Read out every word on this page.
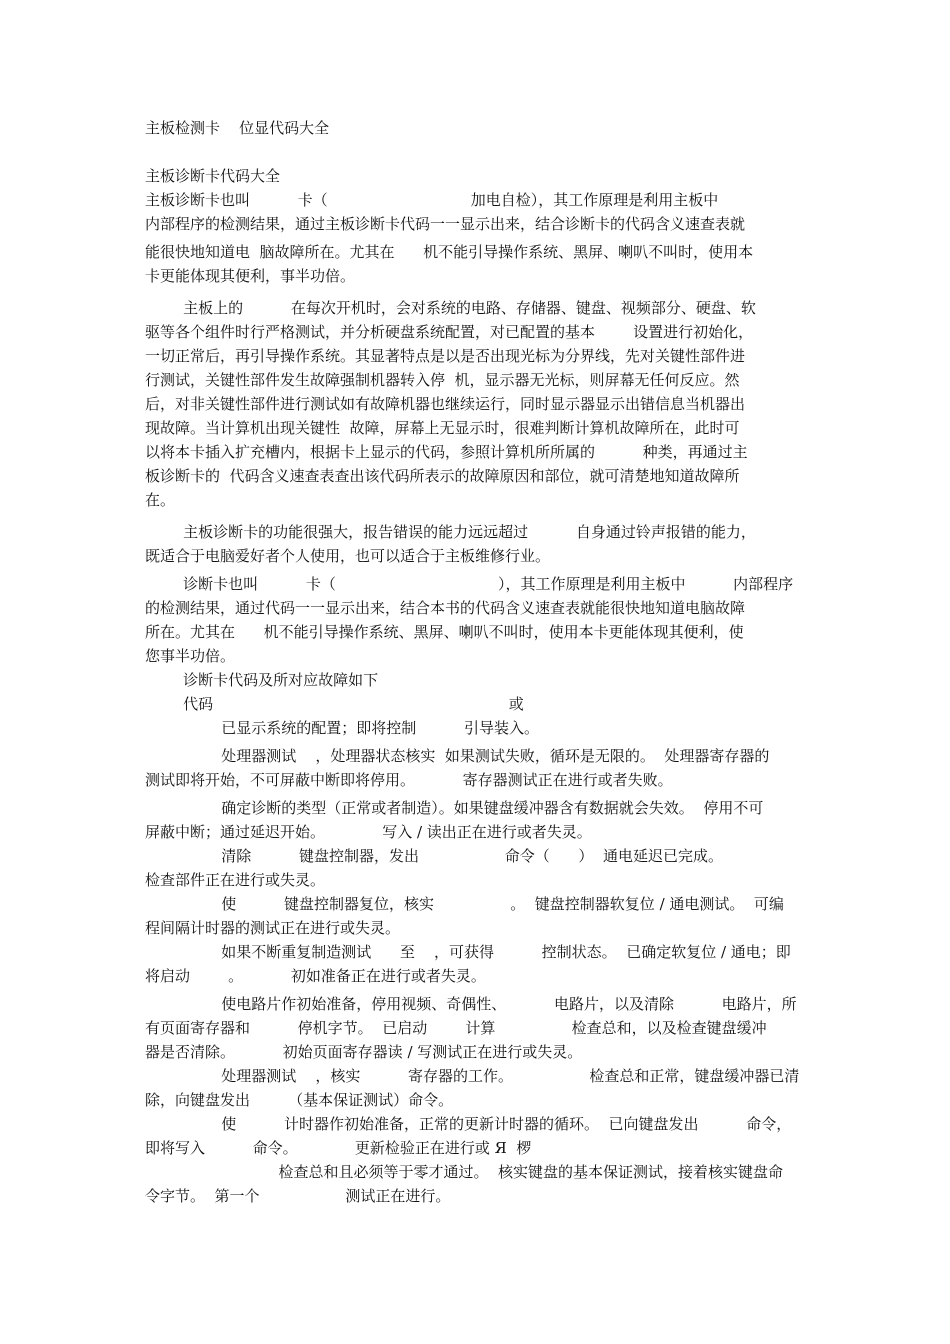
主板检测卡    位显代码大全
主板诊断卡代码大全
主板诊断卡也叫          卡（                              加电自检），其工作原理是利用主板中
内部程序的检测结果，通过主板诊断卡代码一一显示出来，结合诊断卡的代码含义速查表就
能很快地知道电  脑故障所在。尤其在      机不能引导操作系统、黑屏、喇叭不叫时，使用本
卡更能体现其便利，事半功倍。
主板上的          在每次开机时，会对系统的电路、存储器、键盘、视频部分、硬盘、软
驱等各个组件时行严格测试，并分析硬盘系统配置，对已配置的基本        设置进行初始化，
一切正常后，再引导操作系统。其显著特点是以是否出现光标为分界线，先对关键性部件进
行测试，关键性部件发生故障强制机器转入停  机，显示器无光标，则屏幕无任何反应。然
后，对非关键性部件进行测试如有故障机器也继续运行，同时显示器显示出错信息当机器出
现故障。当计算机出现关键性  故障，屏幕上无显示时，很难判断计算机故障所在，此时可
以将本卡插入扩充槽内，根据卡上显示的代码，参照计算机所所属的          种类，再通过主
板诊断卡的  代码含义速查表查出该代码所表示的故障原因和部位，就可清楚地知道故障所
在。
主板诊断卡的功能很强大，报告错误的能力远远超过          自身通过铃声报错的能力，
既适合于电脑爱好者个人使用，也可以适合于主板维修行业。
诊断卡也叫          卡（                                  ），其工作原理是利用主板中          内部程序
的检测结果，通过代码一一显示出来，结合本书的代码含义速查表就能很快地知道电脑故障
所在。尤其在      机不能引导操作系统、黑屏、喇叭不叫时，使用本卡更能体现其便利，使
您事半功倍。
诊断卡代码及所对应故障如下
代码                                                              或
已显示系统的配置；即将控制          引导装入。
处理器测试    ，处理器状态核实  如果测试失败，循环是无限的。  处理器寄存器的
测试即将开始，不可屏蔽中断即将停用。          寄存器测试正在进行或者失败。
确定诊断的类型（正常或者制造）。如果键盘缓冲器含有数据就会失效。  停用不可
屏蔽中断；通过延迟开始。            写入 / 读出正在进行或者失灵。
清除          键盘控制器，发出                  命令（      ）  通电延迟已完成。
检查部件正在进行或失灵。
使          键盘控制器复位，核实                。  键盘控制器软复位 / 通电测试。  可编
程间隔计时器的测试正在进行或失灵。
如果不断重复制造测试      至    ，可获得          控制状态。  已确定软复位 / 通电；即
将启动        。          初如准备正在进行或者失灵。
使电路片作初始准备，停用视频、奇偶性、          电路片，以及清除          电路片，所
有页面寄存器和          停机字节。  已启动        计算                检查总和，以及检查键盘缓冲
器是否清除。          初始页面寄存器读 / 写测试正在进行或失灵。
处理器测试    ，核实          寄存器的工作。                检查总和正常，键盘缓冲器已清
除，向键盘发出        （基本保证测试）命令。
使          计时器作初始准备，正常的更新计时器的循环。  已向键盘发出          命令，
即将写入          命令。            更新检验正在进行或 Я  椤
检查总和且必须等于零才通过。  核实键盘的基本保证测试，接着核实键盘命
令字节。  第一个                  测试正在进行。
